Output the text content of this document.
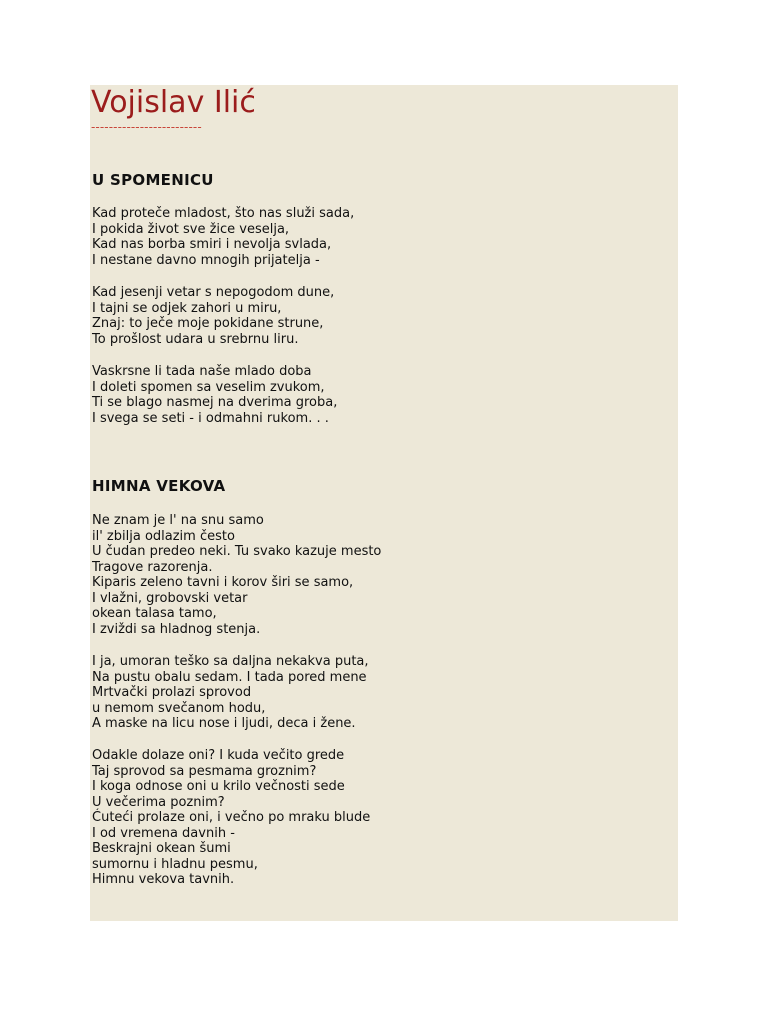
Vojislav Ilić
-------------------------
U SPOMENICU
Kad proteče mladost, što nas služi sada,
I pokida život sve žice veselja,
Kad nas borba smiri i nevolja svlada,
I nestane davno mnogih prijatelja -
Kad jesenji vetar s nepogodom dune,
I tajni se odjek zahori u miru,
Znaj: to ječe moje pokidane strune,
To prošlost udara u srebrnu liru.
Vaskrsne li tada naše mlado doba
I doleti spomen sa veselim zvukom,
Ti se blago nasmej na dverima groba,
I svega se seti - i odmahni rukom. . .
HIMNA VEKOVA
Ne znam je l' na snu samo
il' zbilja odlazim često
U čudan predeo neki. Tu svako kazuje mesto
Tragove razorenja.
Kiparis zeleno tavni i korov širi se samo,
I vlažni, grobovski vetar
okean talasa tamo,
I zviždi sa hladnog stenja.
I ja, umoran teško sa daljna nekakva puta,
Na pustu obalu sedam. I tada pored mene
Mrtvački prolazi sprovod
u nemom svečanom hodu,
A maske na licu nose i ljudi, deca i žene.
Odakle dolaze oni? I kuda večito grede
Taj sprovod sa pesmama groznim?
I koga odnose oni u krilo večnosti sede
U večerima poznim?
Ćuteći prolaze oni, i večno po mraku blude
I od vremena davnih -
Beskrajni okean šumi
sumornu i hladnu pesmu,
Himnu vekova tavnih.
